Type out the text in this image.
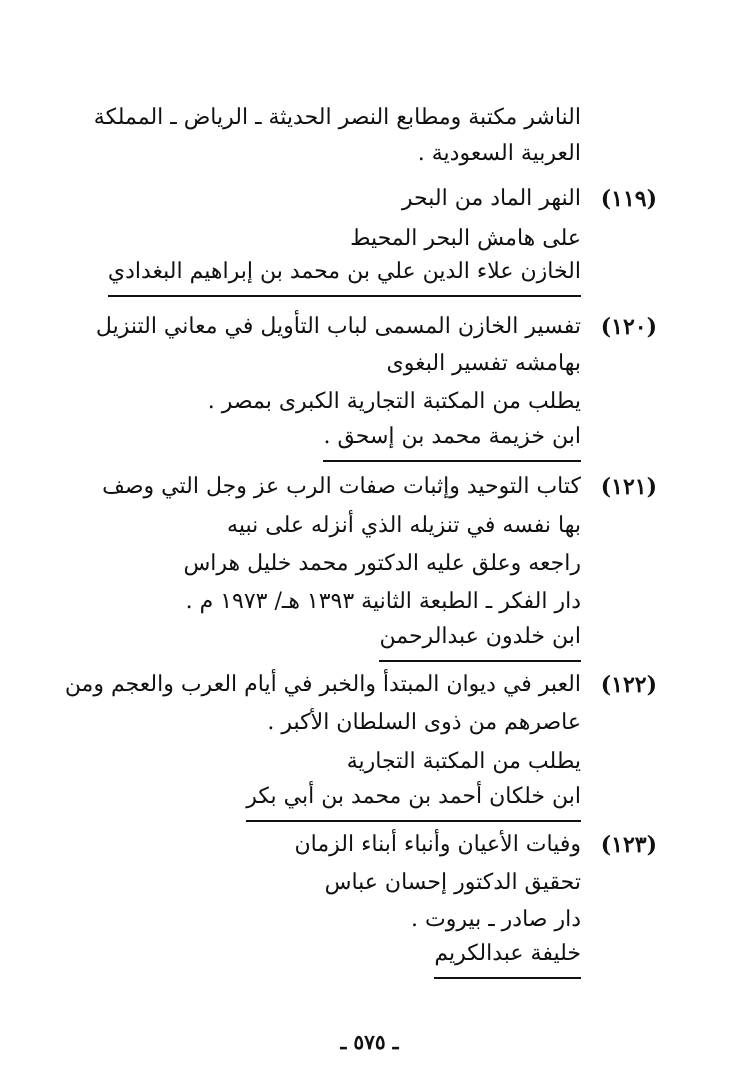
الناشر مكتبة ومطابع النصر الحديثة ـ الرياض ـ المملكة
العربية السعودية .
(١١٩)
النهر الماد من البحر
على هامش البحر المحيط
الخازن علاء الدين علي بن محمد بن إبراهيم البغدادي
(١٢٠)
تفسير الخازن المسمى لباب التأويل في معاني التنزيل
بهامشه تفسير البغوى
يطلب من المكتبة التجارية الكبرى بمصر .
ابن خزيمة محمد بن إسحق .
(١٢١)
كتاب التوحيد وإثبات صفات الرب عز وجل التي وصف
بها نفسه في تنزيله الذي أنزله على نبيه
راجعه وعلق عليه الدكتور محمد خليل هراس
دار الفكر ـ الطبعة الثانية ١٣٩٣ هـ/ ١٩٧٣ م .
ابن خلدون عبدالرحمن
(١٢٢)
العبر في ديوان المبتدأ والخبر في أيام العرب والعجم ومن
عاصرهم من ذوى السلطان الأكبر .
يطلب من المكتبة التجارية
ابن خلكان أحمد بن محمد بن أبي بكر
(١٢٣)
وفيات الأعيان وأنباء أبناء الزمان
تحقيق الدكتور إحسان عباس
دار صادر ـ بيروت .
خليفة عبدالكريم
ـ ٥٧٥ ـ
